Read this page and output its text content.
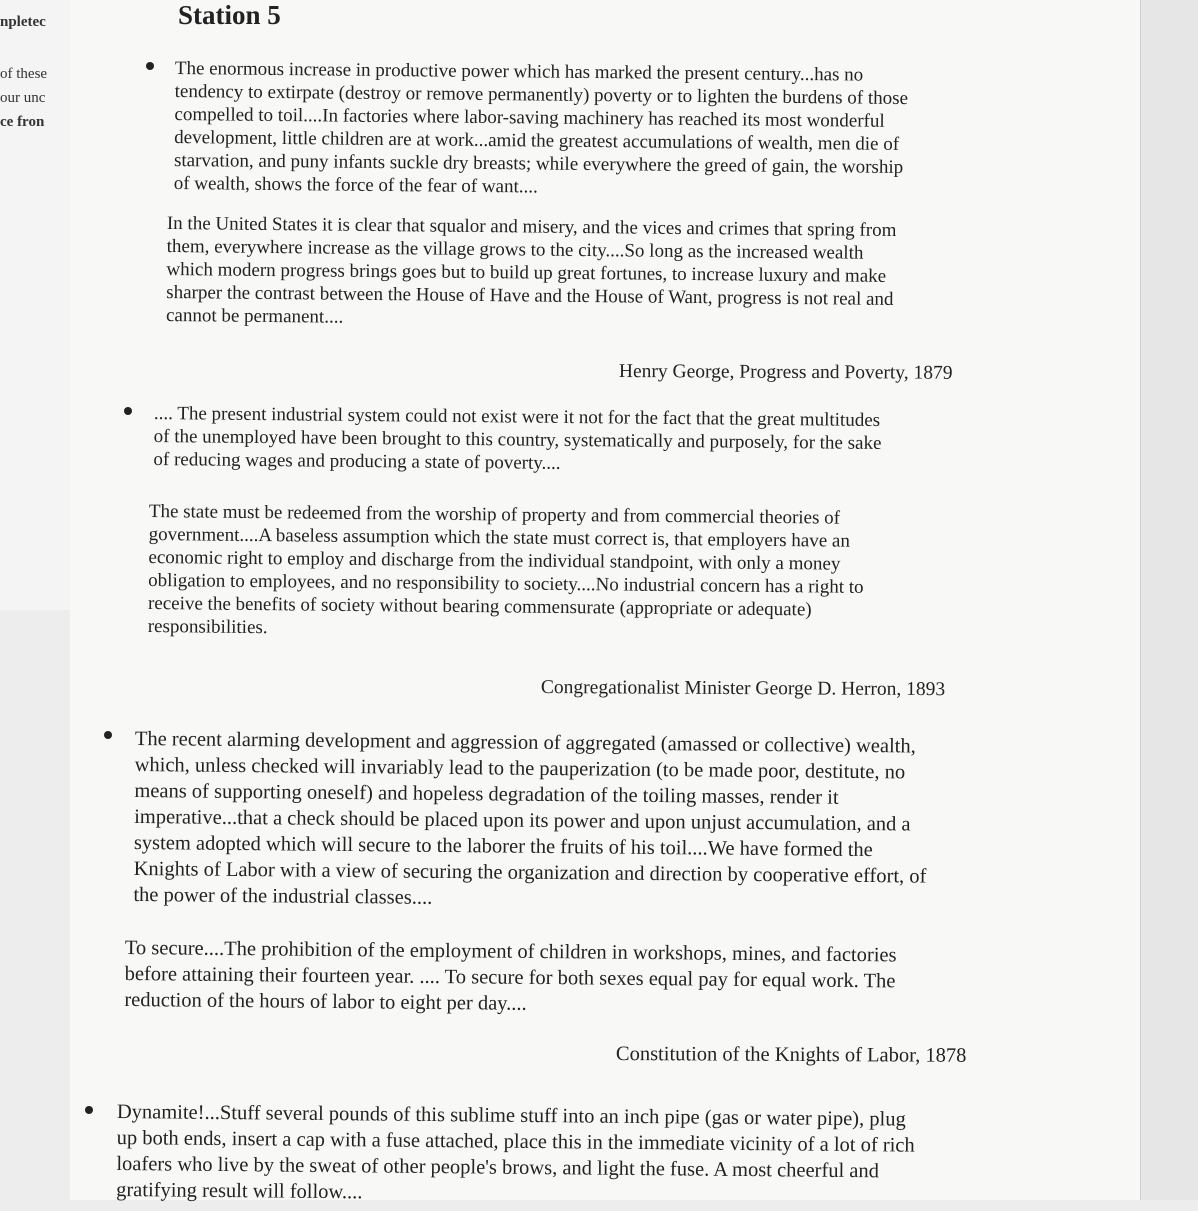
npletec
of these
our unc
ce fron
Station 5
The enormous increase in productive power which has marked the present century...has no
tendency to extirpate (destroy or remove permanently) poverty or to lighten the burdens of those
compelled to toil....In factories where labor-saving machinery has reached its most wonderful
development, little children are at work...amid the greatest accumulations of wealth, men die of
starvation, and puny infants suckle dry breasts; while everywhere the greed of gain, the worship
of wealth, shows the force of the fear of want....
In the United States it is clear that squalor and misery, and the vices and crimes that spring from
them, everywhere increase as the village grows to the city....So long as the increased wealth
which modern progress brings goes but to build up great fortunes, to increase luxury and make
sharper the contrast between the House of Have and the House of Want, progress is not real and
cannot be permanent....
Henry George, Progress and Poverty, 1879
.... The present industrial system could not exist were it not for the fact that the great multitudes
of the unemployed have been brought to this country, systematically and purposely, for the sake
of reducing wages and producing a state of poverty....
The state must be redeemed from the worship of property and from commercial theories of
government....A baseless assumption which the state must correct is, that employers have an
economic right to employ and discharge from the individual standpoint, with only a money
obligation to employees, and no responsibility to society....No industrial concern has a right to
receive the benefits of society without bearing commensurate (appropriate or adequate)
responsibilities.
Congregationalist Minister George D. Herron, 1893
The recent alarming development and aggression of aggregated (amassed or collective) wealth,
which, unless checked will invariably lead to the pauperization (to be made poor, destitute, no
means of supporting oneself) and hopeless degradation of the toiling masses, render it
imperative...that a check should be placed upon its power and upon unjust accumulation, and a
system adopted which will secure to the laborer the fruits of his toil....We have formed the
Knights of Labor with a view of securing the organization and direction by cooperative effort, of
the power of the industrial classes....
To secure....The prohibition of the employment of children in workshops, mines, and factories
before attaining their fourteen year. .... To secure for both sexes equal pay for equal work. The
reduction of the hours of labor to eight per day....
Constitution of the Knights of Labor, 1878
Dynamite!...Stuff several pounds of this sublime stuff into an inch pipe (gas or water pipe), plug
up both ends, insert a cap with a fuse attached, place this in the immediate vicinity of a lot of rich
loafers who live by the sweat of other people's brows, and light the fuse. A most cheerful and
gratifying result will follow....
